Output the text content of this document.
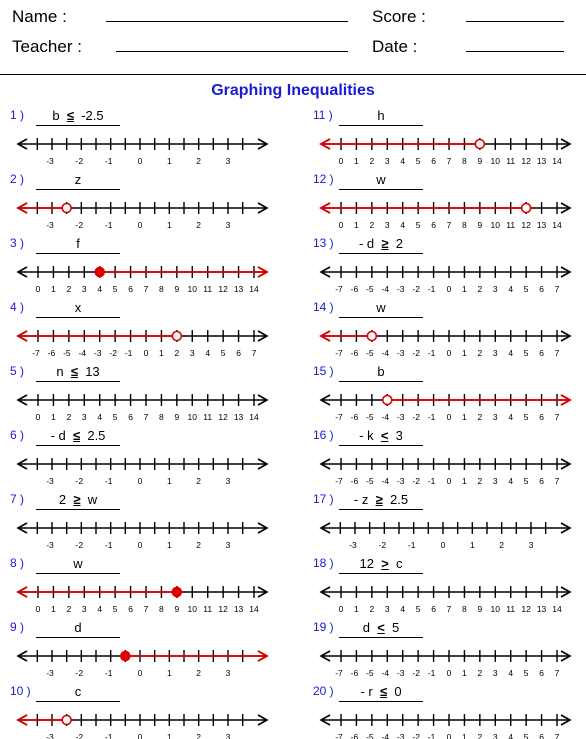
Name :	Score :
Teacher :	Date :
Graphing Inequalities
1 )	b ≤ -2.5
-3	-2	-1	0	1	2	3
2 )	z
-3	-2	-1	0	1	2	3
3 )	f
0 1 2 3 4 5 6 7 8 9 10 11 12 13 14
4 )	x
-7 -6 -5 -4 -3 -2 -1 0 1 2 3 4 5 6 7
5 )	n ≤ 13
0 1 2 3 4 5 6 7 8 9 10 11 12 13 14
6 )	- d ≤ 2.5
-3	-2	-1	0	1	2	3
7 )	2 ≥ w
-3	-2	-1	0	1	2	3
8 )	w
0 1 2 3 4 5 6 7 8 9 10 11 12 13 14
9 )	d
-3	-2	-1	0	1	2	3
10 )	c
-3	-2	-1	0	1	2	3
11 )	h
0 1 2 3 4 5 6 7 8 9 10 11 12 13 14
12 )	w
0 1 2 3 4 5 6 7 8 9 10 11 12 13 14
13 )	- d ≥ 2
-7 -6 -5 -4 -3 -2 -1 0 1 2 3 4 5 6 7
14 )	w
-7 -6 -5 -4 -3 -2 -1 0 1 2 3 4 5 6 7
15 )	b
-7 -6 -5 -4 -3 -2 -1 0 1 2 3 4 5 6 7
16 )	- k < 3
-7 -6 -5 -4 -3 -2 -1 0 1 2 3 4 5 6 7
17 )	- z ≥ 2.5
-3	-2	-1	0	1	2	3
18 )	12 > c
0 1 2 3 4 5 6 7 8 9 10 11 12 13 14
19 )	d < 5
-7 -6 -5 -4 -3 -2 -1 0 1 2 3 4 5 6 7
20 )	- r ≤ 0
-7 -6 -5 -4 -3 -2 -1 0 1 2 3 4 5 6 7
